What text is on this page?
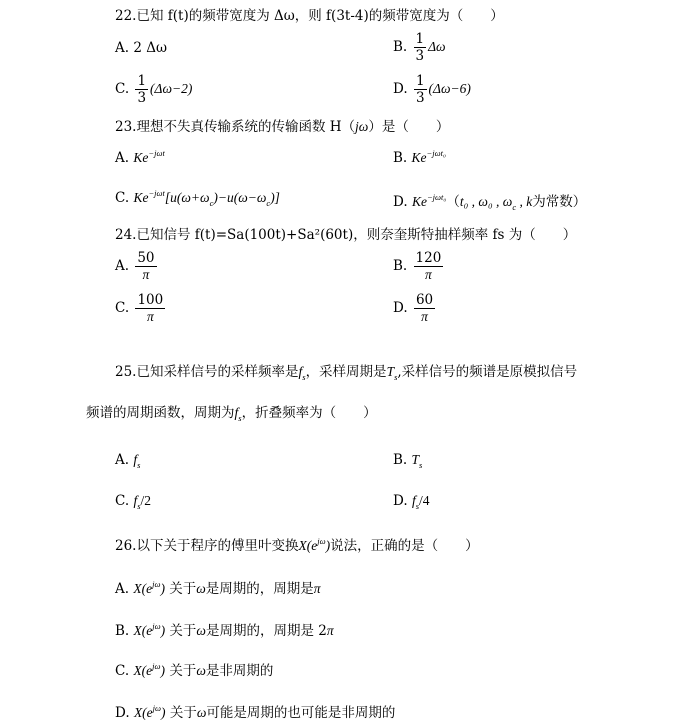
22.已知 f(t)的频带宽度为 Δω，则 f(3t-4)的频带宽度为（　　）
A. 2 Δω	B. $\frac{1}{3}$ Δω
C. $\frac{1}{3} (\Delta\omega-2)$	D. $\frac{1}{3} (\Delta\omega-6)$
23.理想不失真传输系统的传输函数 H（jω）是（　　）
A. $Ke^{-j\omega t}$	B. $Ke^{-j\omega t_0}$
C. $Ke^{-j\omega t}[u(\omega+\omega_c)-u(\omega-\omega_c)]$	D. $Ke^{-j\omega t_0}(t_0$ , ω₀ , $\omega_c$ , k为常数）
24.已知信号 f(t)=Sa(100t)+Sa²(60t)，则奈奎斯特抽样频率 fs 为（　　）
A. $\frac{50}{\pi}$	B. $\frac{120}{\pi}$
C. $\frac{100}{\pi}$	D. $\frac{60}{\pi}$
25.已知采样信号的采样频率是$f_s$，采样周期是$T_s$,采样信号的频谱是原模拟信号
频谱的周期函数，周期为$f_s$，折叠频率为（　　）
A. $f_s$	B. $T_s$
C. $f_s/2$	D. $f_s/4$
26.以下关于程序的傅里叶变换$X(e^{j\omega})$说法，正确的是（　　）
A. $X(e^{j\omega})$ 关于ω是周期的，周期是π
B. $X(e^{j\omega})$ 关于ω是周期的，周期是 2π
C. $X(e^{j\omega})$ 关于ω是非周期的
D. $X(e^{j\omega})$ 关于ω可能是周期的也可能是非周期的
